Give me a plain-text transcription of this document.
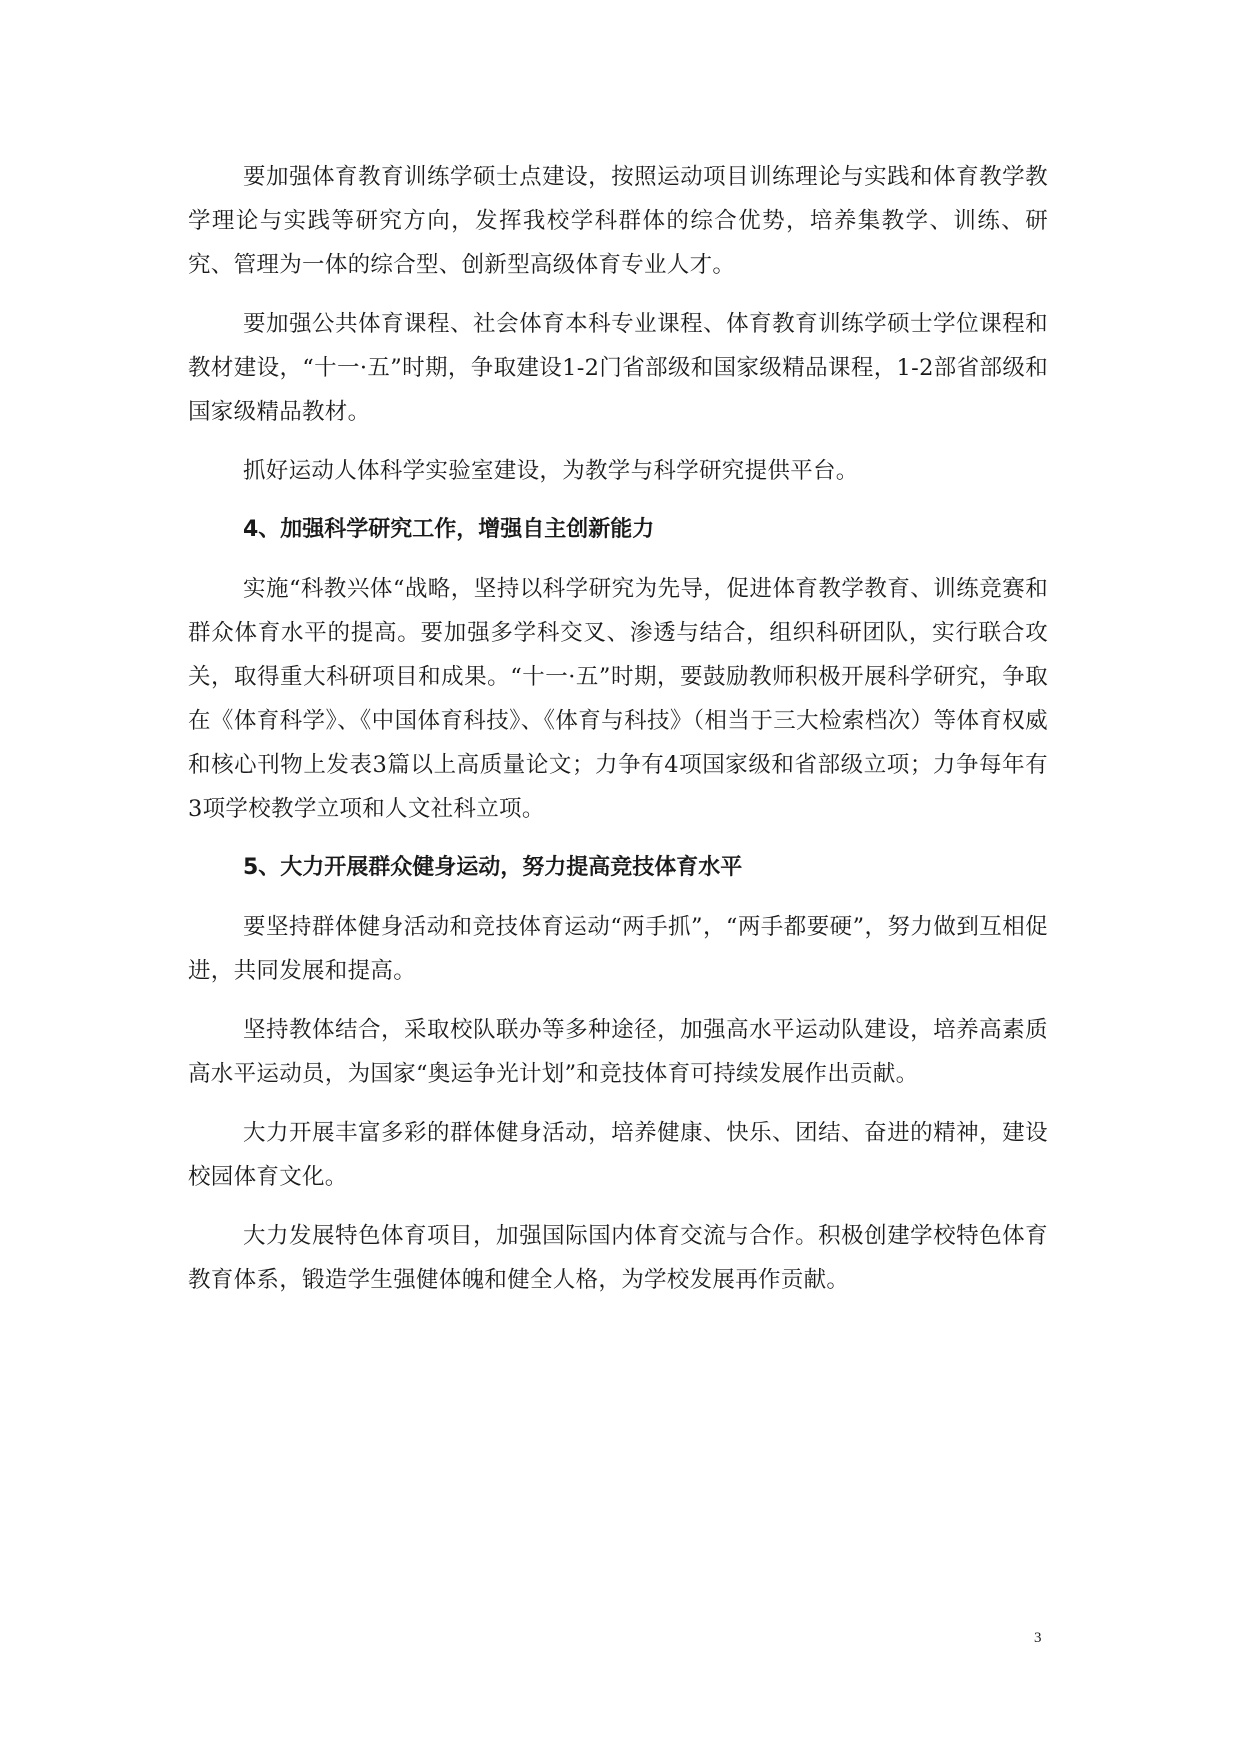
要加强体育教育训练学硕士点建设，按照运动项目训练理论与实践和体育教学教学理论与实践等研究方向，发挥我校学科群体的综合优势，培养集教学、训练、研究、管理为一体的综合型、创新型高级体育专业人才。

要加强公共体育课程、社会体育本科专业课程、体育教育训练学硕士学位课程和教材建设，“十一·五”时期，争取建设1-2门省部级和国家级精品课程，1-2部省部级和国家级精品教材。

抓好运动人体科学实验室建设，为教学与科学研究提供平台。

4、加强科学研究工作，增强自主创新能力

实施“科教兴体“战略，坚持以科学研究为先导，促进体育教学教育、训练竞赛和群众体育水平的提高。要加强多学科交叉、渗透与结合，组织科研团队，实行联合攻关，取得重大科研项目和成果。“十一·五”时期，要鼓励教师积极开展科学研究，争取在《体育科学》、《中国体育科技》、《体育与科技》（相当于三大检索档次）等体育权威和核心刊物上发表3篇以上高质量论文；力争有4项国家级和省部级立项；力争每年有3项学校教学立项和人文社科立项。

5、大力开展群众健身运动，努力提高竞技体育水平

要坚持群体健身活动和竞技体育运动“两手抓”，“两手都要硬”，努力做到互相促进，共同发展和提高。

坚持教体结合，采取校队联办等多种途径，加强高水平运动队建设，培养高素质高水平运动员，为国家“奥运争光计划”和竞技体育可持续发展作出贡献。

大力开展丰富多彩的群体健身活动，培养健康、快乐、团结、奋进的精神，建设校园体育文化。

大力发展特色体育项目，加强国际国内体育交流与合作。积极创建学校特色体育教育体系，锻造学生强健体魄和健全人格，为学校发展再作贡献。

3
